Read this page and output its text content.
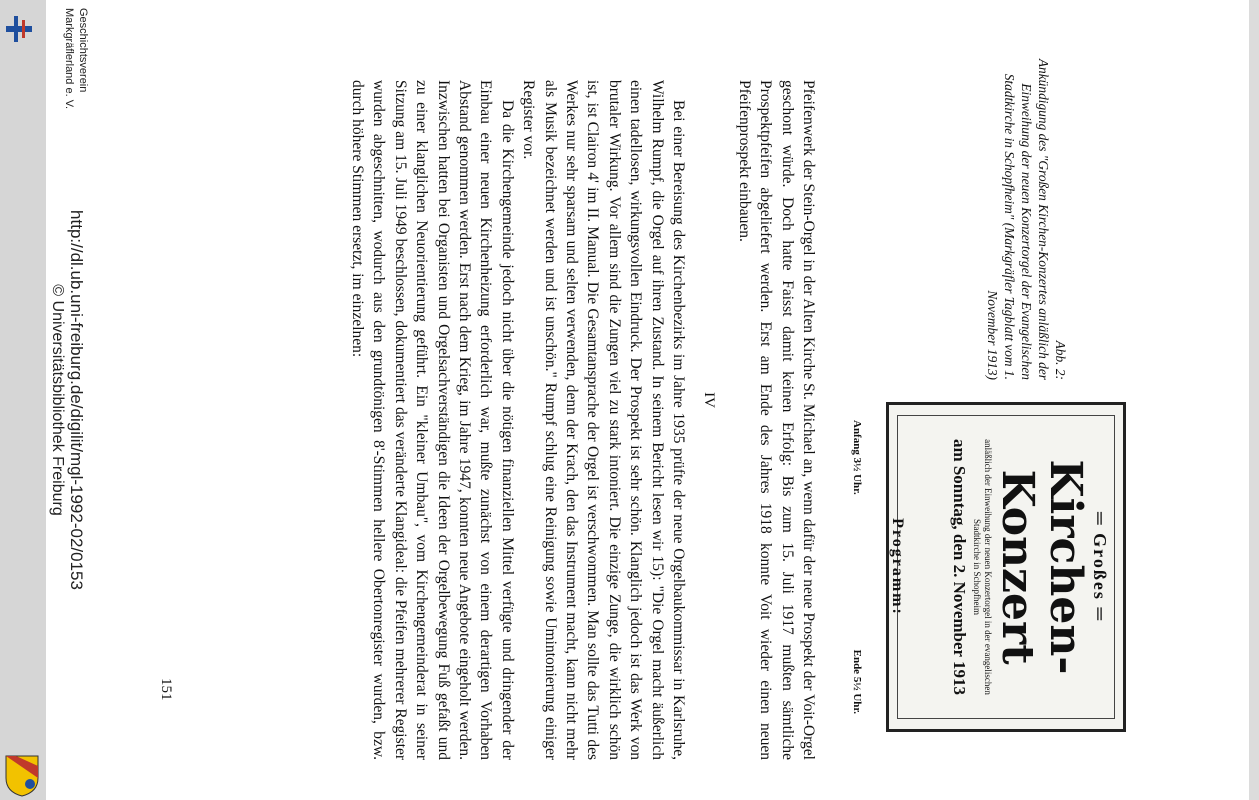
═ Großes ═
Kirchen-Konzert
anläßlich der Einweihung der neuen Konzertorgel in der evangelischen Stadtkirche in Schopfheim
am Sonntag, den 2. November 1913
Programm:
Anfang 3½ Uhr.
Ende 5½ Uhr.
Abb. 2:
Ankündigung des "Großen Kirchen-Konzertes anläßlich der Einweihung der neuen Konzertorgel der Evangelischen Stadtkirche in Schopfheim" (Markgräfler Tagblatt vom 1. November 1913)
Pfeifenwerk der Stein-Orgel in der Alten Kirche St. Michael an, wenn dafür der neue Prospekt der Voit-Orgel geschont würde. Doch hatte Faisst damit keinen Erfolg: Bis zum 15. Juli 1917 mußten sämtliche Prospektpfeifen abgeliefert werden. Erst am Ende des Jahres 1918 konnte Voit wieder einen neuen Pfeifenprospekt einbauen.
IV

Bei einer Bereisung des Kirchenbezirks im Jahre 1935 prüfte der neue Orgelbaukommissar in Karlsruhe, Wilhelm Rumpf, die Orgel auf ihren Zustand. In seinem Bericht lesen wir 15): "Die Orgel macht äußerlich einen tadellosen, wirkungsvollen Eindruck. Der Prospekt ist sehr schön. Klanglich jedoch ist das Werk von brutaler Wirkung. Vor allem sind die Zungen viel zu stark intoniert. Die einzige Zunge, die wirklich schön ist, ist Clairon 4' im II. Manual. Die Gesamtansprache der Orgel ist verschwommen. Man sollte das Tutti des Werkes nur sehr sparsam und selten verwenden, denn der Krach, den das Instrument macht, kann nicht mehr als Musik bezeichnet werden und ist unschön." Rumpf schlug eine Reinigung sowie Umintonierung einiger Register vor.

Da die Kirchengemeinde jedoch nicht über die nötigen finanziellen Mittel verfügte und dringender der Einbau einer neuen Kirchenheizung erforderlich war, mußte zunächst von einem derartigen Vorhaben Abstand genommen werden. Erst nach dem Krieg, im Jahre 1947, konnten neue Angebote eingeholt werden. Inzwischen hatten bei Organisten und Orgelsachverständigen die Ideen der Orgelbewegung Fuß gefaßt und zu einer klanglichen Neuorientierung geführt. Ein "kleiner Umbau", vom Kirchengemeinderat in seiner Sitzung am 15. Juli 1949 beschlossen, dokumentiert das veränderte Klangideal: die Pfeifen mehrerer Register wurden abgeschnitten, wodurch aus den grundtönigen 8'-Stimmen hellere Obertonregister wurden, bzw. durch höhere Stimmen ersetzt, im einzelnen:

151
http://dl.ub.uni-freiburg.de/digilit/mgl-1992-02/0153
© Universitätsbibliothek Freiburg
Geschichtsverein
Markgräflerland e. V.
